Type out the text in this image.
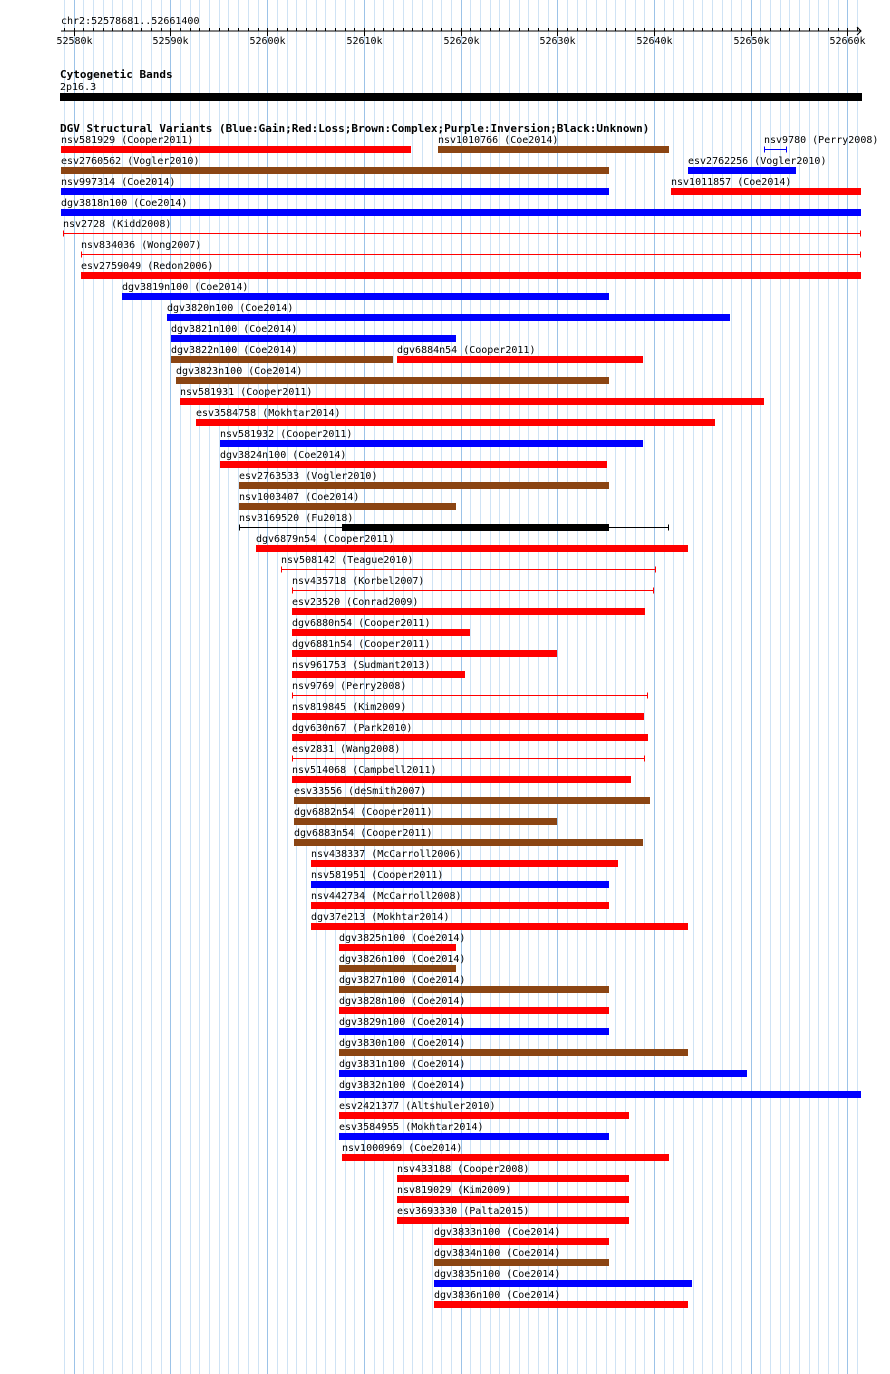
chr2:52578681..52661400
52580k	52590k	52600k	52610k	52620k	52630k	52640k	52650k	52660k
Cytogenetic Bands
2p16.3
DGV Structural Variants (Blue:Gain;Red:Loss;Brown:Complex;Purple:Inversion;Black:Unknown)
nsv581929 (Cooper2011)	nsv1010766 (Coe2014)	nsv9780 (Perry2008)
esv2760562 (Vogler2010)	esv2762256 (Vogler2010)
nsv997314 (Coe2014)	nsv1011857 (Coe2014)
dgv3818n100 (Coe2014)
nsv2728 (Kidd2008)
nsv834036 (Wong2007)
esv2759049 (Redon2006)
dgv3819n100 (Coe2014)
dgv3820n100 (Coe2014)
dgv3821n100 (Coe2014)
dgv3822n100 (Coe2014)	dgv6884n54 (Cooper2011)
dgv3823n100 (Coe2014)
nsv581931 (Cooper2011)
esv3584758 (Mokhtar2014)
nsv581932 (Cooper2011)
dgv3824n100 (Coe2014)
esv2763533 (Vogler2010)
nsv1003407 (Coe2014)
nsv3169520 (Fu2018)
dgv6879n54 (Cooper2011)
nsv508142 (Teague2010)
nsv435718 (Korbel2007)
esv23520 (Conrad2009)
dgv6880n54 (Cooper2011)
dgv6881n54 (Cooper2011)
nsv961753 (Sudmant2013)
nsv9769 (Perry2008)
nsv819845 (Kim2009)
dgv630n67 (Park2010)
esv2831 (Wang2008)
nsv514068 (Campbell2011)
esv33556 (deSmith2007)
dgv6882n54 (Cooper2011)
dgv6883n54 (Cooper2011)
nsv438337 (McCarroll2006)
nsv581951 (Cooper2011)
nsv442734 (McCarroll2008)
dgv37e213 (Mokhtar2014)
dgv3825n100 (Coe2014)
dgv3826n100 (Coe2014)
dgv3827n100 (Coe2014)
dgv3828n100 (Coe2014)
dgv3829n100 (Coe2014)
dgv3830n100 (Coe2014)
dgv3831n100 (Coe2014)
dgv3832n100 (Coe2014)
esv2421377 (Altshuler2010)
esv3584955 (Mokhtar2014)
nsv1000969 (Coe2014)
nsv433188 (Cooper2008)
nsv819029 (Kim2009)
esv3693330 (Palta2015)
dgv3833n100 (Coe2014)
dgv3834n100 (Coe2014)
dgv3835n100 (Coe2014)
dgv3836n100 (Coe2014)
